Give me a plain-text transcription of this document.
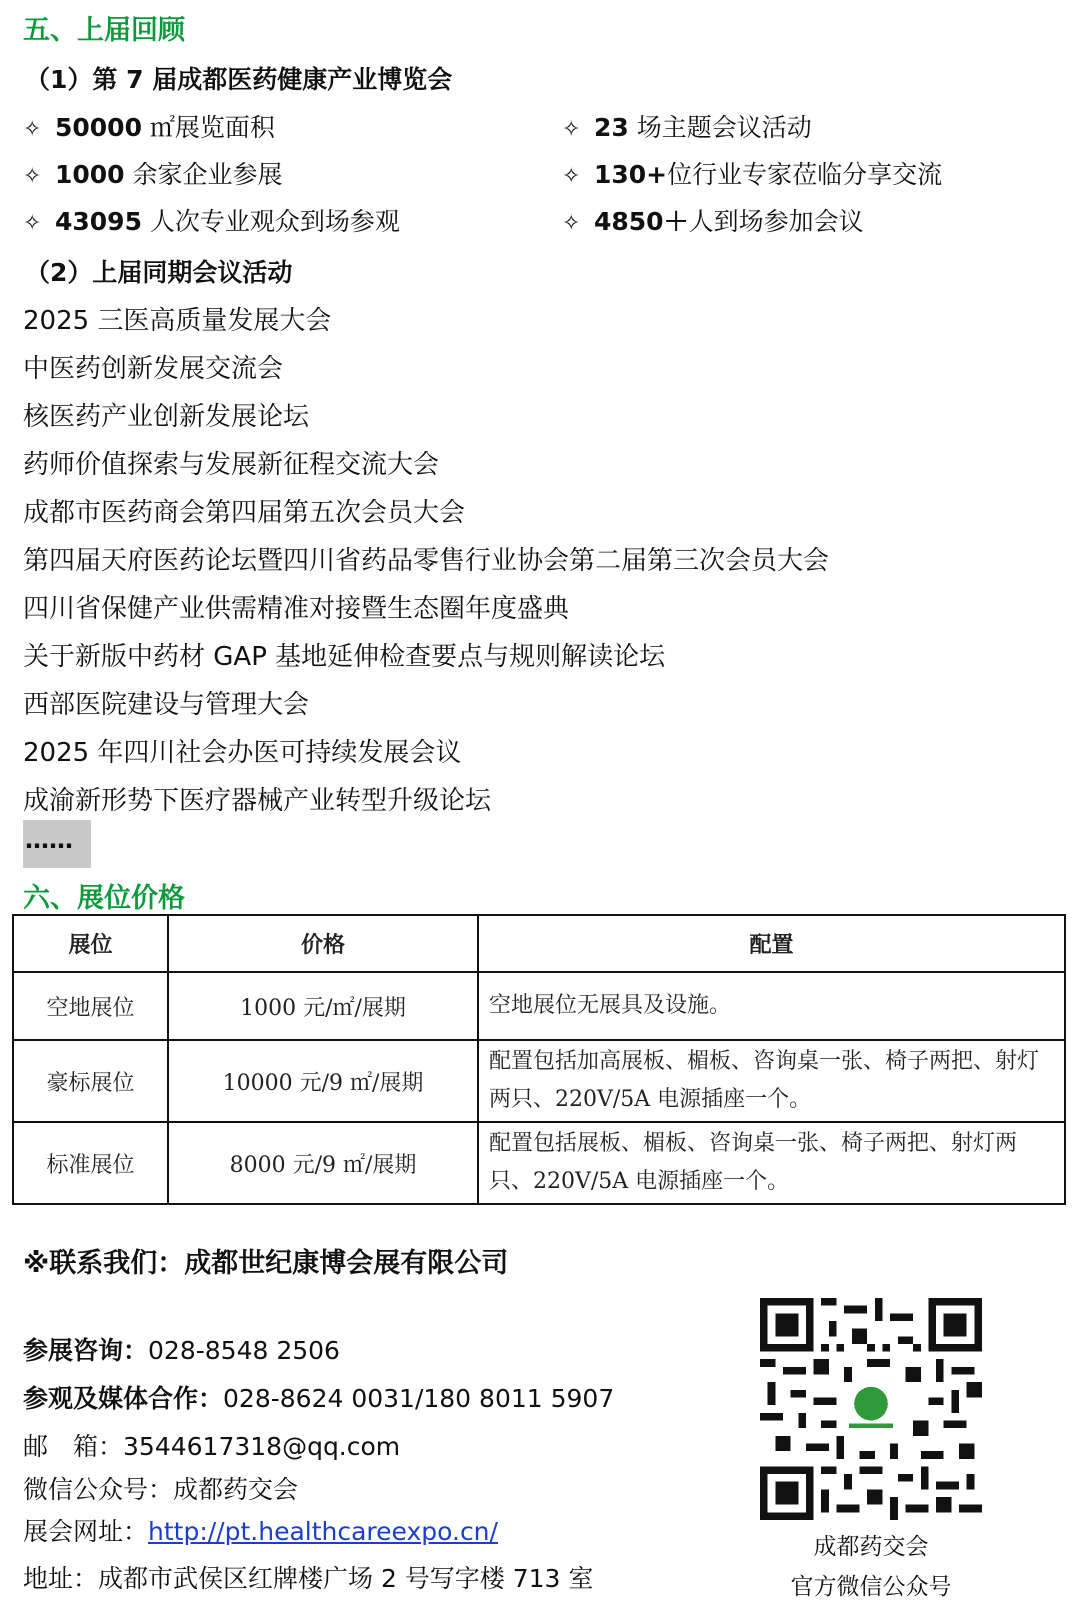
五、上届回顾
（1）第 7 届成都医药健康产业博览会
✧ 50000 ㎡展览面积	✧ 23 场主题会议活动
✧ 1000 余家企业参展	✧ 130+位行业专家莅临分享交流
✧ 43095 人次专业观众到场参观	✧ 4850＋人到场参加会议
（2）上届同期会议活动
2025 三医高质量发展大会
中医药创新发展交流会
核医药产业创新发展论坛
药师价值探索与发展新征程交流大会
成都市医药商会第四届第五次会员大会
第四届天府医药论坛暨四川省药品零售行业协会第二届第三次会员大会
四川省保健产业供需精准对接暨生态圈年度盛典
关于新版中药材 GAP 基地延伸检查要点与规则解读论坛
西部医院建设与管理大会
2025 年四川社会办医可持续发展会议
成渝新形势下医疗器械产业转型升级论坛
……
六、展位价格
展位	价格	配置
空地展位	1000 元/㎡/展期	空地展位无展具及设施。
豪标展位	10000 元/9 ㎡/展期	配置包括加高展板、楣板、咨询桌一张、椅子两把、射灯两只、220V/5A 电源插座一个。
标准展位	8000 元/9 ㎡/展期	配置包括展板、楣板、咨询桌一张、椅子两把、射灯两只、220V/5A 电源插座一个。
※联系我们：成都世纪康博会展有限公司
参展咨询：028-8548 2506
参观及媒体合作：028-8624 0031/180 8011 5907
邮　箱：3544617318@qq.com
微信公众号：成都药交会
展会网址：http://pt.healthcareexpo.cn/
地址：成都市武侯区红牌楼广场 2 号写字楼 713 室
成都药交会
官方微信公众号
